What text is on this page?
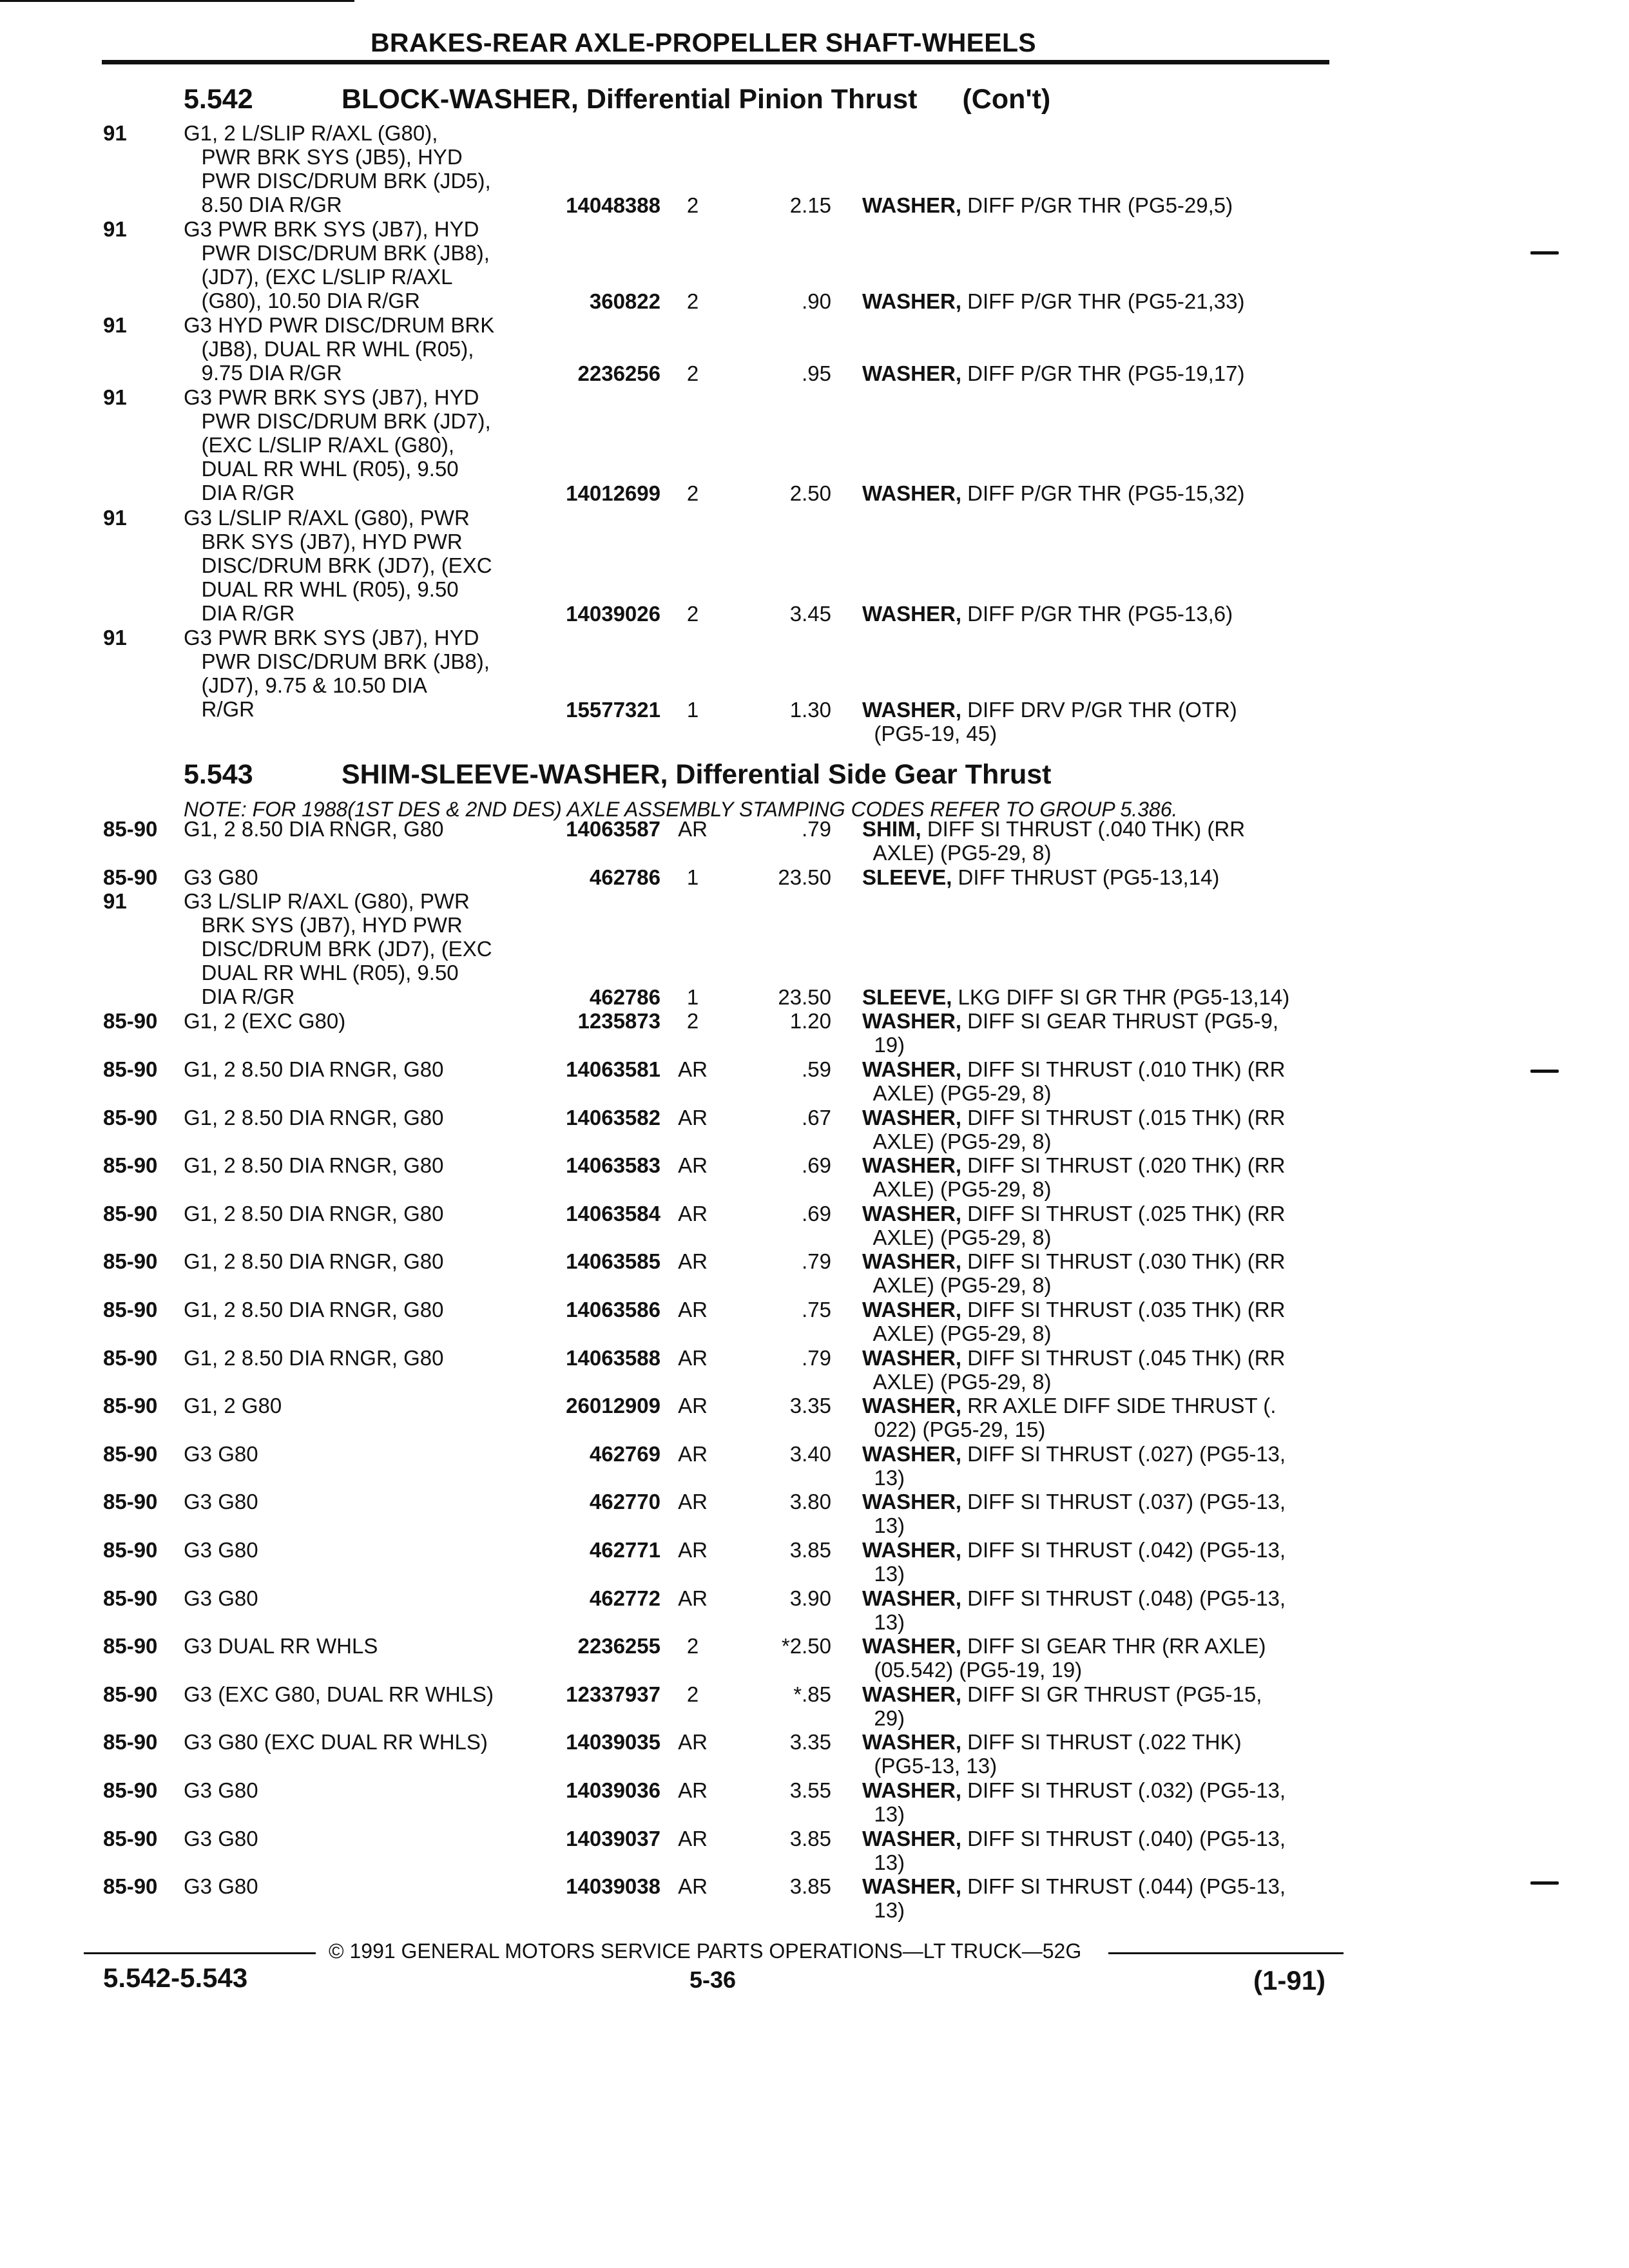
BRAKES-REAR AXLE-PROPELLER SHAFT-WHEELS
5.542	BLOCK-WASHER, Differential Pinion Thrust (Con't)
91	G1, 2 L/SLIP R/AXL (G80),
PWR BRK SYS (JB5), HYD
PWR DISC/DRUM BRK (JD5),
8.50 DIA R/GR	14048388	2	2.15 WASHER, DIFF P/GR THR (PG5-29,5)
91	G3 PWR BRK SYS (JB7), HYD
PWR DISC/DRUM BRK (JB8),
(JD7), (EXC L/SLIP R/AXL
(G80), 10.50 DIA R/GR	360822	2	.90 WASHER, DIFF P/GR THR (PG5-21,33)
91	G3 HYD PWR DISC/DRUM BRK
(JB8), DUAL RR WHL (R05),
9.75 DIA R/GR	2236256	2	.95 WASHER, DIFF P/GR THR (PG5-19,17)
91	G3 PWR BRK SYS (JB7), HYD
PWR DISC/DRUM BRK (JD7),
(EXC L/SLIP R/AXL (G80),
DUAL RR WHL (R05), 9.50
DIA R/GR	14012699	2	2.50 WASHER, DIFF P/GR THR (PG5-15,32)
91	G3 L/SLIP R/AXL (G80), PWR
BRK SYS (JB7), HYD PWR
DISC/DRUM BRK (JD7), (EXC
DUAL RR WHL (R05), 9.50
DIA R/GR	14039026	2	3.45 WASHER, DIFF P/GR THR (PG5-13,6)
91	G3 PWR BRK SYS (JB7), HYD
PWR DISC/DRUM BRK (JB8),
(JD7), 9.75 & 10.50 DIA
R/GR	15577321	1	1.30 WASHER, DIFF DRV P/GR THR (OTR)
(PG5-19, 45)
5.543	SHIM-SLEEVE-WASHER, Differential Side Gear Thrust
NOTE: FOR 1988(1ST DES & 2ND DES) AXLE ASSEMBLY STAMPING CODES REFER TO GROUP 5.386.
85-90 G1, 2 8.50 DIA RNGR, G80	14063587 AR	.79 SHIM, DIFF SI THRUST (.040 THK) (RR
AXLE) (PG5-29, 8)
85-90 G3 G80	462786	1	23.50 SLEEVE, DIFF THRUST (PG5-13,14)
91	G3 L/SLIP R/AXL (G80), PWR
BRK SYS (JB7), HYD PWR
DISC/DRUM BRK (JD7), (EXC
DUAL RR WHL (R05), 9.50
DIA R/GR	462786	1	23.50 SLEEVE, LKG DIFF SI GR THR (PG5-13,14)
85-90 G1, 2 (EXC G80)	1235873	2	1.20 WASHER, DIFF SI GEAR THRUST (PG5-9,
19)
85-90 G1, 2 8.50 DIA RNGR, G80	14063581 AR	.59 WASHER, DIFF SI THRUST (.010 THK) (RR
AXLE) (PG5-29, 8)
85-90 G1, 2 8.50 DIA RNGR, G80	14063582 AR	.67 WASHER, DIFF SI THRUST (.015 THK) (RR
AXLE) (PG5-29, 8)
85-90 G1, 2 8.50 DIA RNGR, G80	14063583 AR	.69 WASHER, DIFF SI THRUST (.020 THK) (RR
AXLE) (PG5-29, 8)
85-90 G1, 2 8.50 DIA RNGR, G80	14063584 AR	.69 WASHER, DIFF SI THRUST (.025 THK) (RR
AXLE) (PG5-29, 8)
85-90 G1, 2 8.50 DIA RNGR, G80	14063585 AR	.79 WASHER, DIFF SI THRUST (.030 THK) (RR
AXLE) (PG5-29, 8)
85-90 G1, 2 8.50 DIA RNGR, G80	14063586 AR	.75 WASHER, DIFF SI THRUST (.035 THK) (RR
AXLE) (PG5-29, 8)
85-90 G1, 2 8.50 DIA RNGR, G80	14063588 AR	.79 WASHER, DIFF SI THRUST (.045 THK) (RR
AXLE) (PG5-29, 8)
85-90 G1, 2 G80	26012909 AR	3.35 WASHER, RR AXLE DIFF SIDE THRUST (.
022) (PG5-29, 15)
85-90 G3 G80	462769 AR	3.40 WASHER, DIFF SI THRUST (.027) (PG5-13,
13)
85-90 G3 G80	462770 AR	3.80 WASHER, DIFF SI THRUST (.037) (PG5-13,
13)
85-90 G3 G80	462771 AR	3.85 WASHER, DIFF SI THRUST (.042) (PG5-13,
13)
85-90 G3 G80	462772 AR	3.90 WASHER, DIFF SI THRUST (.048) (PG5-13,
13)
85-90 G3 DUAL RR WHLS	2236255	2	*2.50 WASHER, DIFF SI GEAR THR (RR AXLE)
(05.542) (PG5-19, 19)
85-90 G3 (EXC G80, DUAL RR WHLS)	12337937	2	*.85 WASHER, DIFF SI GR THRUST (PG5-15,
29)
85-90 G3 G80 (EXC DUAL RR WHLS)	14039035 AR	3.35 WASHER, DIFF SI THRUST (.022 THK)
(PG5-13, 13)
85-90 G3 G80	14039036 AR	3.55 WASHER, DIFF SI THRUST (.032) (PG5-13,
13)
85-90 G3 G80	14039037 AR	3.85 WASHER, DIFF SI THRUST (.040) (PG5-13,
13)
85-90 G3 G80	14039038 AR	3.85 WASHER, DIFF SI THRUST (.044) (PG5-13,
13)
© 1991 GENERAL MOTORS SERVICE PARTS OPERATIONS—LT TRUCK—52G
5.542-5.543	5-36	(1-91)
